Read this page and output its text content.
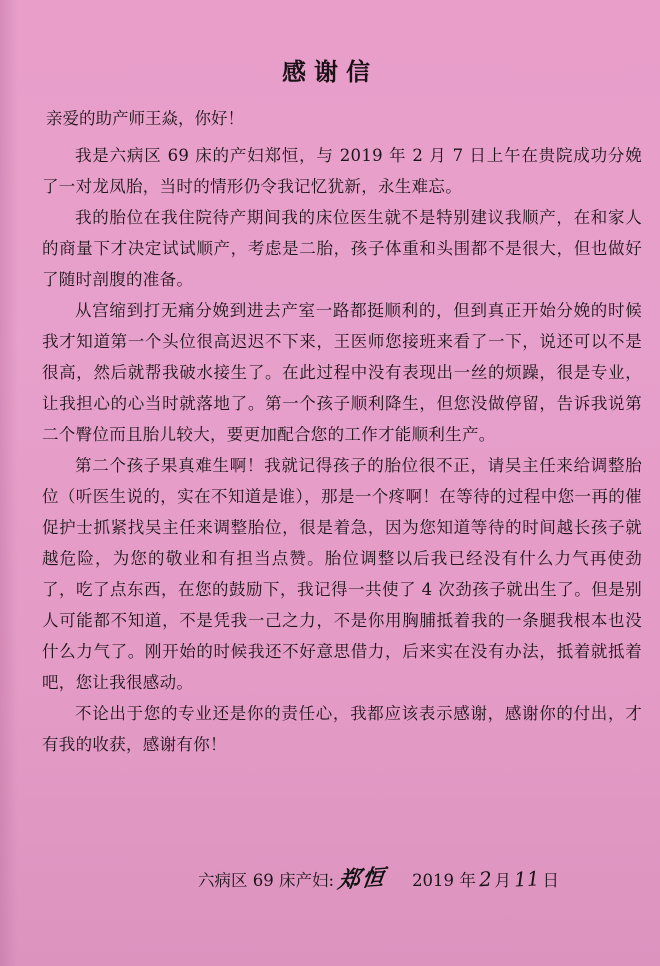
感谢信
亲爱的助产师王焱，你好！

我是六病区 69 床的产妇郑恒，与 2019 年 2 月 7 日上午在贵院成功分娩了一对龙凤胎，当时的情形仍令我记忆犹新，永生难忘。

我的胎位在我住院待产期间我的床位医生就不是特别建议我顺产，在和家人的商量下才决定试试顺产，考虑是二胎，孩子体重和头围都不是很大，但也做好了随时剖腹的准备。

从宫缩到打无痛分娩到进去产室一路都挺顺利的，但到真正开始分娩的时候我才知道第一个头位很高迟迟不下来，王医师您接班来看了一下，说还可以不是很高，然后就帮我破水接生了。在此过程中没有表现出一丝的烦躁，很是专业，让我担心的心当时就落地了。第一个孩子顺利降生，但您没做停留，告诉我说第二个臀位而且胎儿较大，要更加配合您的工作才能顺利生产。

第二个孩子果真难生啊！我就记得孩子的胎位很不正，请吴主任来给调整胎位（听医生说的，实在不知道是谁），那是一个疼啊！在等待的过程中您一再的催促护士抓紧找吴主任来调整胎位，很是着急，因为您知道等待的时间越长孩子就越危险，为您的敬业和有担当点赞。胎位调整以后我已经没有什么力气再使劲了，吃了点东西，在您的鼓励下，我记得一共使了 4 次劲孩子就出生了。但是别人可能都不知道，不是凭我一己之力，不是你用胸脯抵着我的一条腿我根本也没什么力气了。刚开始的时候我还不好意思借力，后来实在没有办法，抵着就抵着吧，您让我很感动。

不论出于您的专业还是你的责任心，我都应该表示感谢，感谢你的付出，才有我的收获，感谢有你！

六病区 69 床产妇: 郑恒 2019 年 2 月 11 日
